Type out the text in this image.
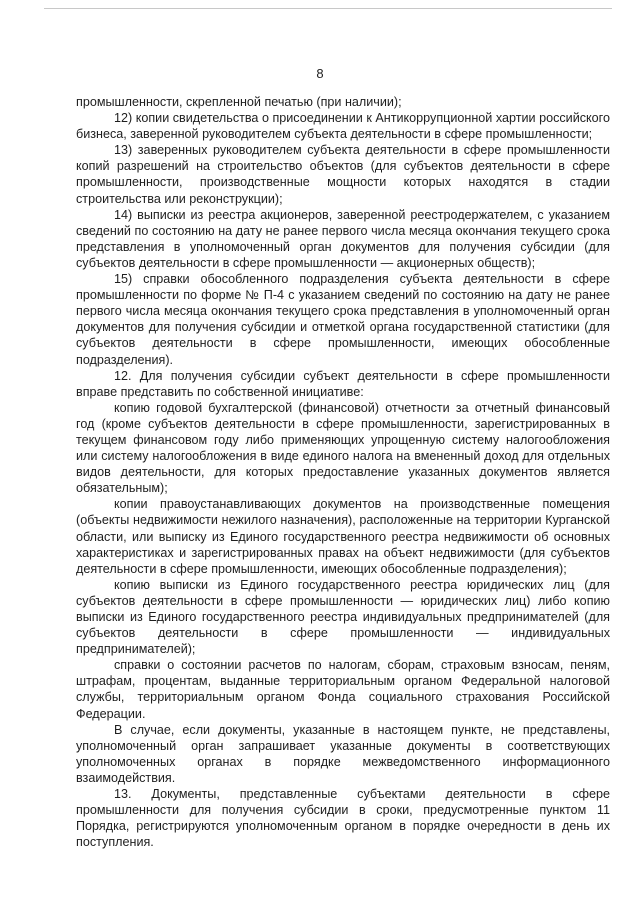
8

промышленности, скрепленной печатью (при наличии);

12) копии свидетельства о присоединении к Антикоррупционной хартии российского бизнеса, заверенной руководителем субъекта деятельности в сфере промышленности;

13) заверенных руководителем субъекта деятельности в сфере промышленности копий разрешений на строительство объектов (для субъектов деятельности в сфере промышленности, производственные мощности которых находятся в стадии строительства или реконструкции);

14) выписки из реестра акционеров, заверенной реестродержателем, с указанием сведений по состоянию на дату не ранее первого числа месяца окончания текущего срока представления в уполномоченный орган документов для получения субсидии (для субъектов деятельности в сфере промышленности — акционерных обществ);

15) справки обособленного подразделения субъекта деятельности в сфере промышленности по форме № П-4 с указанием сведений по состоянию на дату не ранее первого числа месяца окончания текущего срока представления в уполномоченный орган документов для получения субсидии и отметкой органа государственной статистики (для субъектов деятельности в сфере промышленности, имеющих обособленные подразделения).

12. Для получения субсидии субъект деятельности в сфере промышленности вправе представить по собственной инициативе:

копию годовой бухгалтерской (финансовой) отчетности за отчетный финансовый год (кроме субъектов деятельности в сфере промышленности, зарегистрированных в текущем финансовом году либо применяющих упрощенную систему налогообложения или систему налогообложения в виде единого налога на вмененный доход для отдельных видов деятельности, для которых предоставление указанных документов является обязательным);

копии правоустанавливающих документов на производственные помещения (объекты недвижимости нежилого назначения), расположенные на территории Курганской области, или выписку из Единого государственного реестра недвижимости об основных характеристиках и зарегистрированных правах на объект недвижимости (для субъектов деятельности в сфере промышленности, имеющих обособленные подразделения);

копию выписки из Единого государственного реестра юридических лиц (для субъектов деятельности в сфере промышленности — юридических лиц) либо копию выписки из Единого государственного реестра индивидуальных предпринимателей (для субъектов деятельности в сфере промышленности — индивидуальных предпринимателей);

справки о состоянии расчетов по налогам, сборам, страховым взносам, пеням, штрафам, процентам, выданные территориальным органом Федеральной налоговой службы, территориальным органом Фонда социального страхования Российской Федерации.

В случае, если документы, указанные в настоящем пункте, не представлены, уполномоченный орган запрашивает указанные документы в соответствующих уполномоченных органах в порядке межведомственного информационного взаимодействия.

13. Документы, представленные субъектами деятельности в сфере промышленности для получения субсидии в сроки, предусмотренные пунктом 11 Порядка, регистрируются уполномоченным органом в порядке очередности в день их поступления.
